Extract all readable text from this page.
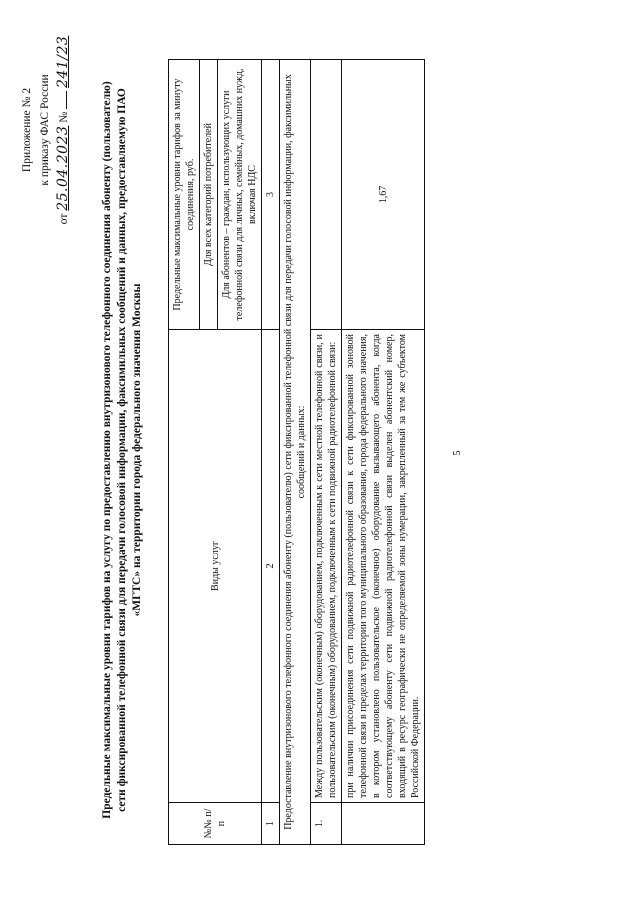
Приложение № 2 к приказу ФАС России
от 25.04.2023 №  241/23
Предельные максимальные уровни тарифов на услугу по предоставлению внутризонового телефонного соединения абоненту (пользователю) сети фиксированной телефонной связи для передачи голосовой информации, факсимильных сообщений и данных, предоставляемую ПАО «МГТС» на территории города федерального значения Москвы
№№ п/п	Виды услуг	Предельные максимальные уровни тарифов за минуту соединения, руб.
		Для всех категорий потребителей
		Для абонентов – граждан, использующих услуги телефонной связи для личных, семейных, домашних нужд, включая НДС
1	2	3
Предоставление внутризонового телефонного соединения абоненту (пользователю) сети фиксированной телефонной связи для передачи голосовой информации, факсимильных сообщений и данных:		
1.	Между пользовательским (оконечным) оборудованием, подключенным к сети местной телефонной связи, и пользовательским (оконечным) оборудованием, подключенным к сети подвижной радиотелефонной связи:	
	при наличии присоединения сети подвижной радиотелефонной связи к сети фиксированной зоновой телефонной связи в пределах территории того муниципального образования, города федерального значения, в котором установлено пользовательское (оконечное) оборудование вызывающего абонента, когда соответствующему абоненту сети подвижной радиотелефонной связи выделен абонентский номер, входящий в ресурс географически не определяемой зоны нумерации, закрепленный за тем же субъектом Российской Федерации.	1,67
5
